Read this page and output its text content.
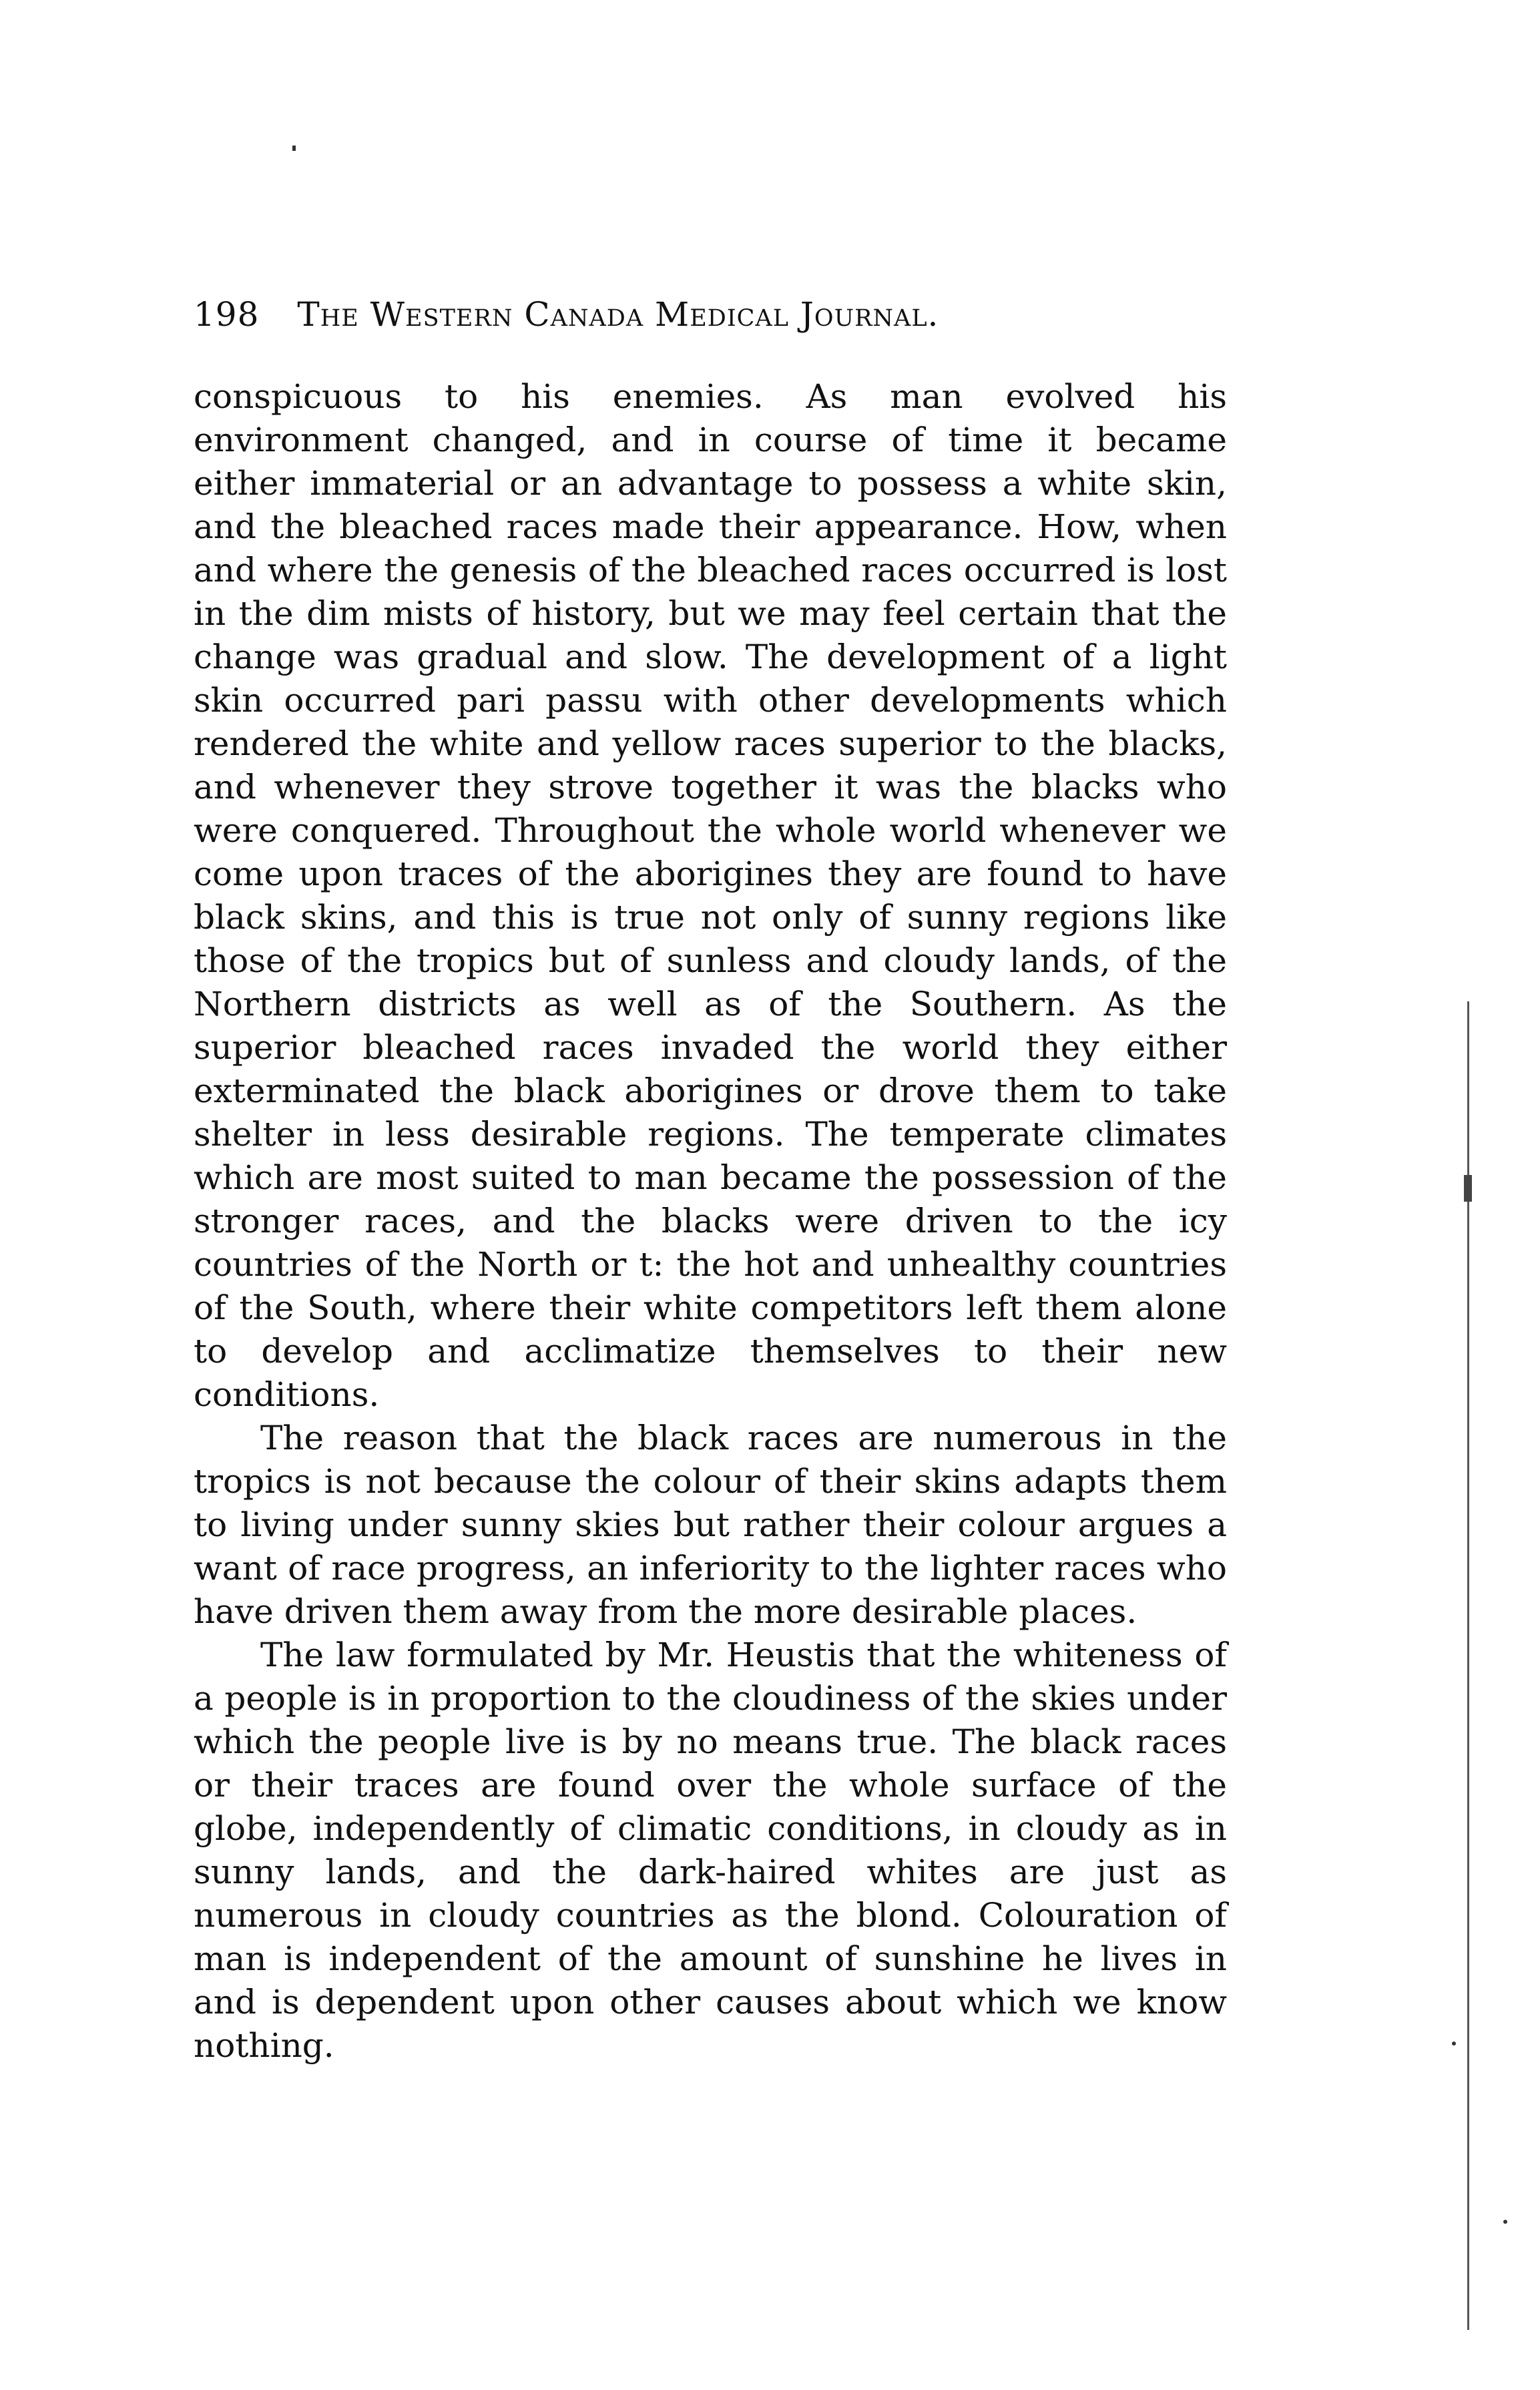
198 The Western Canada Medical Journal.

conspicuous to his enemies. As man evolved his environment changed, and in course of time it became either immaterial or an advantage to possess a white skin, and the bleached races made their appearance. How, when and where the genesis of the bleached races occurred is lost in the dim mists of history, but we may feel certain that the change was gradual and slow. The development of a light skin occurred pari passu with other developments which rendered the white and yellow races superior to the blacks, and whenever they strove together it was the blacks who were conquered. Throughout the whole world whenever we come upon traces of the aborigines they are found to have black skins, and this is true not only of sunny regions like those of the tropics but of sunless and cloudy lands, of the Northern districts as well as of the Southern. As the superior bleached races invaded the world they either exterminated the black aborigines or drove them to take shelter in less desirable regions. The temperate climates which are most suited to man became the possession of the stronger races, and the blacks were driven to the icy countries of the North or t: the hot and unhealthy countries of the South, where their white competitors left them alone to develop and acclimatize themselves to their new conditions.

The reason that the black races are numerous in the tropics is not because the colour of their skins adapts them to living under sunny skies but rather their colour argues a want of race progress, an inferiority to the lighter races who have driven them away from the more desirable places.

The law formulated by Mr. Heustis that the whiteness of a people is in proportion to the cloudiness of the skies under which the people live is by no means true. The black races or their traces are found over the whole surface of the globe, independently of climatic conditions, in cloudy as in sunny lands, and the dark-haired whites are just as numerous in cloudy countries as the blond. Colouration of man is independent of the amount of sunshine he lives in and is dependent upon other causes about which we know nothing.
